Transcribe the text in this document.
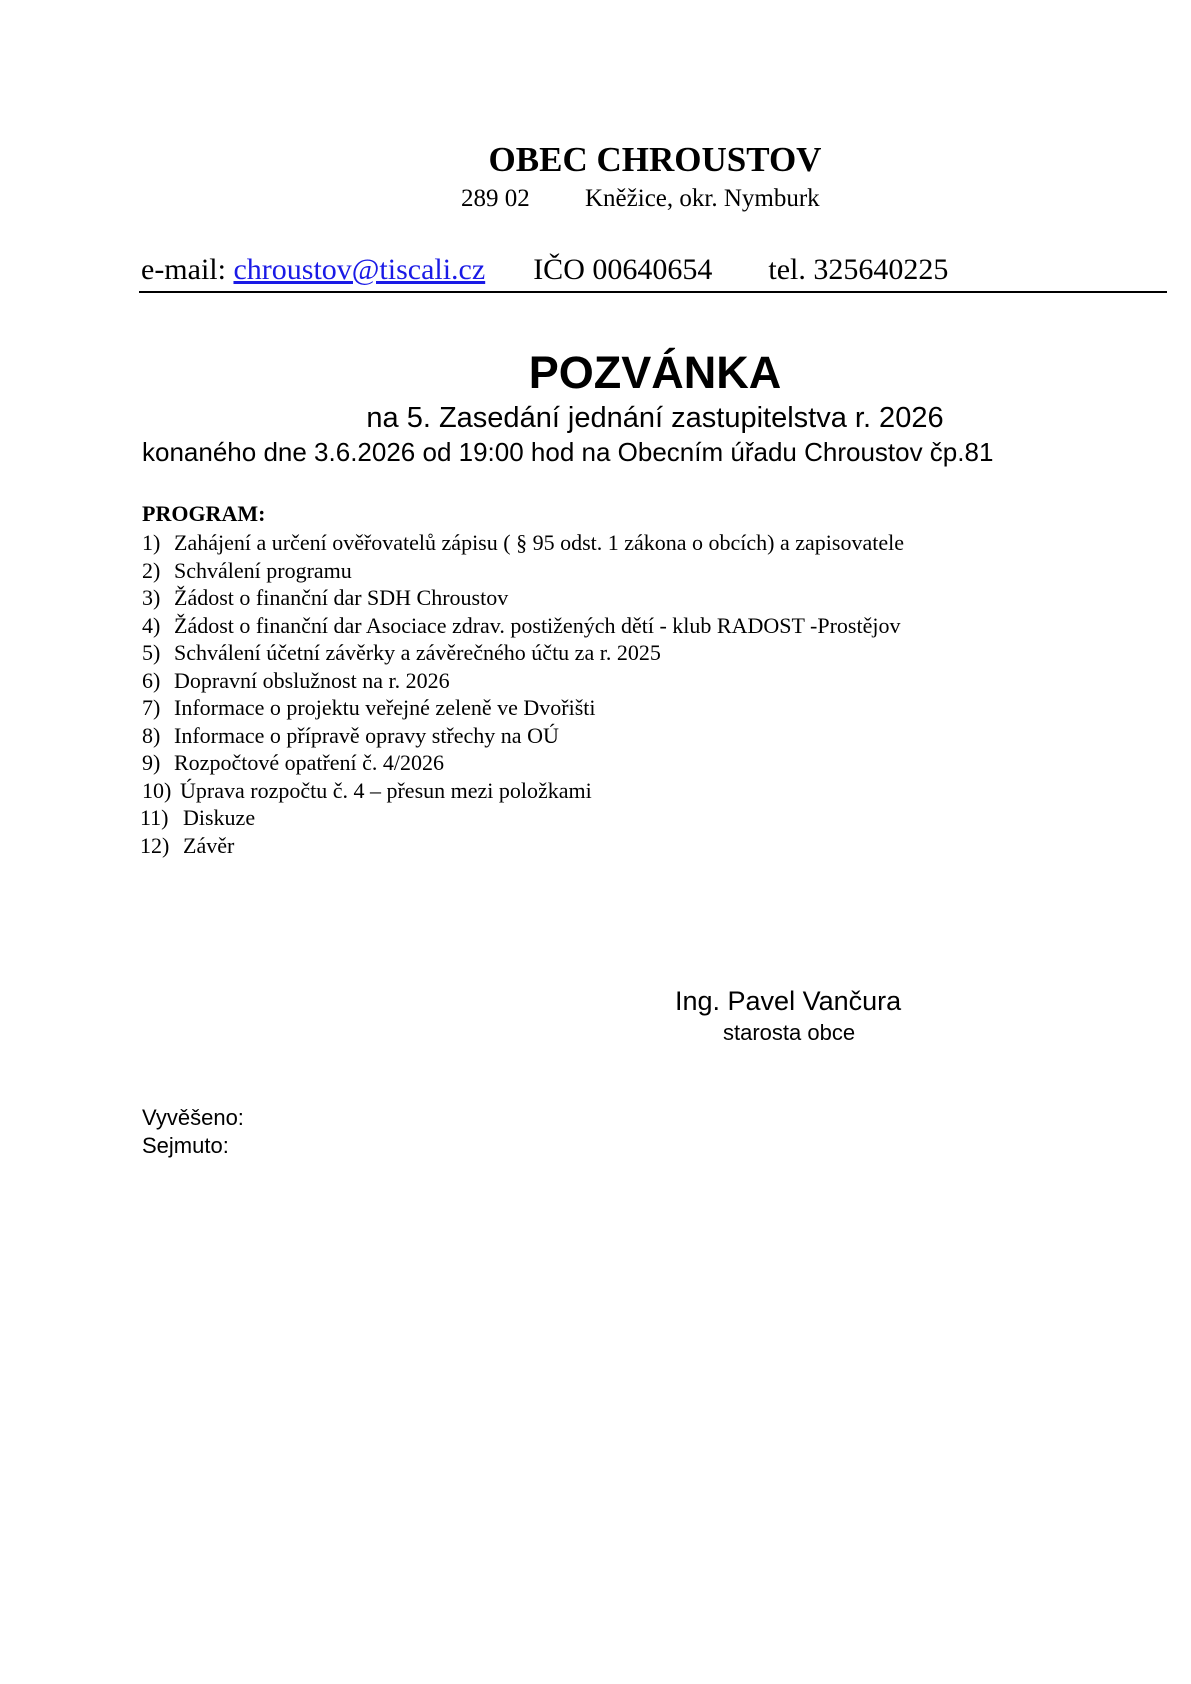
OBEC CHROUSTOV
289 02 Kněžice, okr. Nymburk
e-mail: chroustov@tiscali.cz IČO 00640654 tel. 325640225
POZVÁNKA
na 5. Zasedání jednání zastupitelstva r. 2026
konaného dne 3.6.2026 od 19:00 hod na Obecním úřadu Chroustov čp.81
PROGRAM:
1) Zahájení a určení ověřovatelů zápisu ( § 95 odst. 1 zákona o obcích) a zapisovatele
2) Schválení programu
3) Žádost o finanční dar SDH Chroustov
4) Žádost o finanční dar Asociace zdrav. postižených dětí - klub RADOST -Prostějov
5) Schválení účetní závěrky a závěrečného účtu za r. 2025
6) Dopravní obslužnost na r. 2026
7) Informace o projektu veřejné zeleně ve Dvořišti
8) Informace o přípravě opravy střechy na OÚ
9) Rozpočtové opatření č. 4/2026
10) Úprava rozpočtu č. 4 – přesun mezi položkami
11) Diskuze
12) Závěr
Ing. Pavel Vančura
starosta obce
Vyvěšeno:
Sejmuto:
